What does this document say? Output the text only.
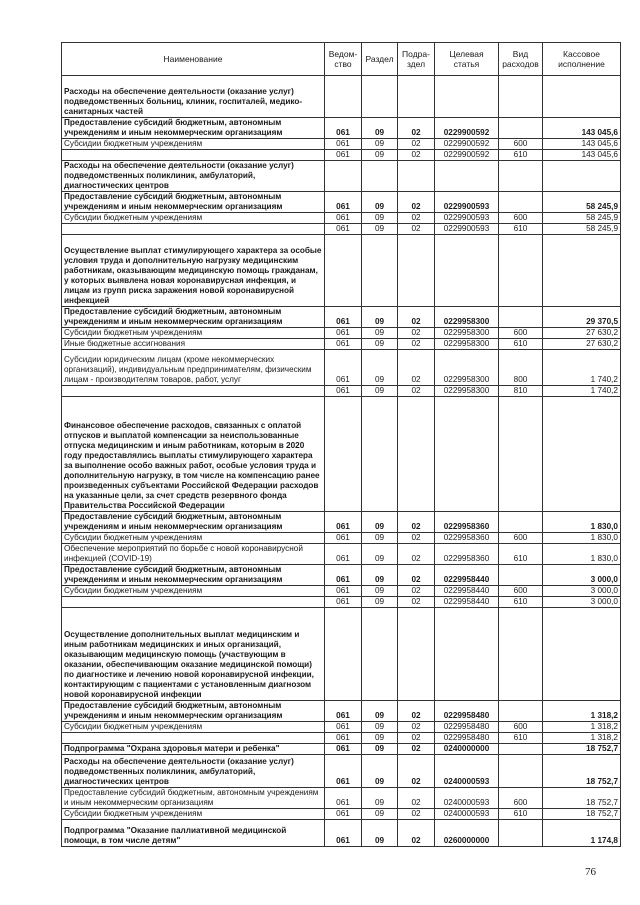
Наименование	Ведом-ство	Раздел	Подра-здел	Целевая статья	Вид расходов	Кассовое исполнение
Расходы на обеспечение деятельности (оказание услуг) подведомственных больниц, клиник, госпиталей, медико-санитарных частей						
Предоставление субсидий бюджетным, автономным учреждениям и иным некоммерческим организациям	061	09	02	0229900592		143 045,6
Субсидии бюджетным учреждениям	061	09	02	0229900592	600	143 045,6
	061	09	02	0229900592	610	143 045,6
Расходы на обеспечение деятельности (оказание услуг) подведомственных поликлиник, амбулаторий, диагностических центров						
Предоставление субсидий бюджетным, автономным учреждениям и иным некоммерческим организациям	061	09	02	0229900593		58 245,9
Субсидии бюджетным учреждениям	061	09	02	0229900593	600	58 245,9
	061	09	02	0229900593	610	58 245,9
Осуществление выплат стимулирующего характера за особые условия труда и дополнительную нагрузку медицинским работникам, оказывающим медицинскую помощь гражданам, у которых выявлена новая коронавирусная инфекция, и лицам из групп риска заражения новой коронавирусной инфекцией						
Предоставление субсидий бюджетным, автономным учреждениям и иным некоммерческим организациям	061	09	02	0229958300		29 370,5
Субсидии бюджетным учреждениям	061	09	02	0229958300	600	27 630,2
Иные бюджетные ассигнования	061	09	02	0229958300	610	27 630,2
Субсидии юридическим лицам (кроме некоммерческих организаций), индивидуальным предпринимателям, физическим лицам - производителям товаров, работ, услуг	061	09	02	0229958300	800	1 740,2
	061	09	02	0229958300	810	1 740,2
Финансовое обеспечение расходов, связанных с оплатой отпусков и выплатой компенсации за неиспользованные отпуска медицинским и иным работникам, которым в 2020 году предоставлялись выплаты стимулирующего характера за выполнение особо важных работ, особые условия труда и дополнительную нагрузку, в том числе на компенсацию ранее произведенных субъектами Российской Федерации расходов на указанные цели, за счет средств резервного фонда Правительства Российской Федерации						
Предоставление субсидий бюджетным, автономным учреждениям и иным некоммерческим организациям	061	09	02	0229958360		1 830,0
Субсидии бюджетным учреждениям	061	09	02	0229958360	600	1 830,0
Обеспечение мероприятий по борьбе с новой коронавирусной инфекцией (COVID-19)	061	09	02	0229958360	610	1 830,0
Предоставление субсидий бюджетным, автономным учреждениям и иным некоммерческим организациям	061	09	02	0229958440		3 000,0
Субсидии бюджетным учреждениям	061	09	02	0229958440	600	3 000,0
	061	09	02	0229958440	610	3 000,0
Осуществление дополнительных выплат медицинским и иным работникам медицинских и иных организаций, оказывающим медицинскую помощь (участвующим в оказании, обеспечивающим оказание медицинской помощи) по диагностике и лечению новой коронавирусной инфекции, контактирующим с пациентами с установленным диагнозом новой коронавирусной инфекции						
Предоставление субсидий бюджетным, автономным учреждениям и иным некоммерческим организациям	061	09	02	0229958480		1 318,2
Субсидии бюджетным учреждениям	061	09	02	0229958480	600	1 318,2
	061	09	02	0229958480	610	1 318,2
Подпрограмма "Охрана здоровья матери и ребенка"	061	09	02	0240000000		18 752,7
Расходы на обеспечение деятельности (оказание услуг) подведомственных поликлиник, амбулаторий, диагностических центров	061	09	02	0240000593		18 752,7
Предоставление субсидий бюджетным, автономным учреждениям и иным некоммерческим организациям	061	09	02	0240000593	600	18 752,7
Субсидии бюджетным учреждениям	061	09	02	0240000593	610	18 752,7
Подпрограмма "Оказание паллиативной медицинской помощи, в том числе детям"	061	09	02	0260000000		1 174,8
76
